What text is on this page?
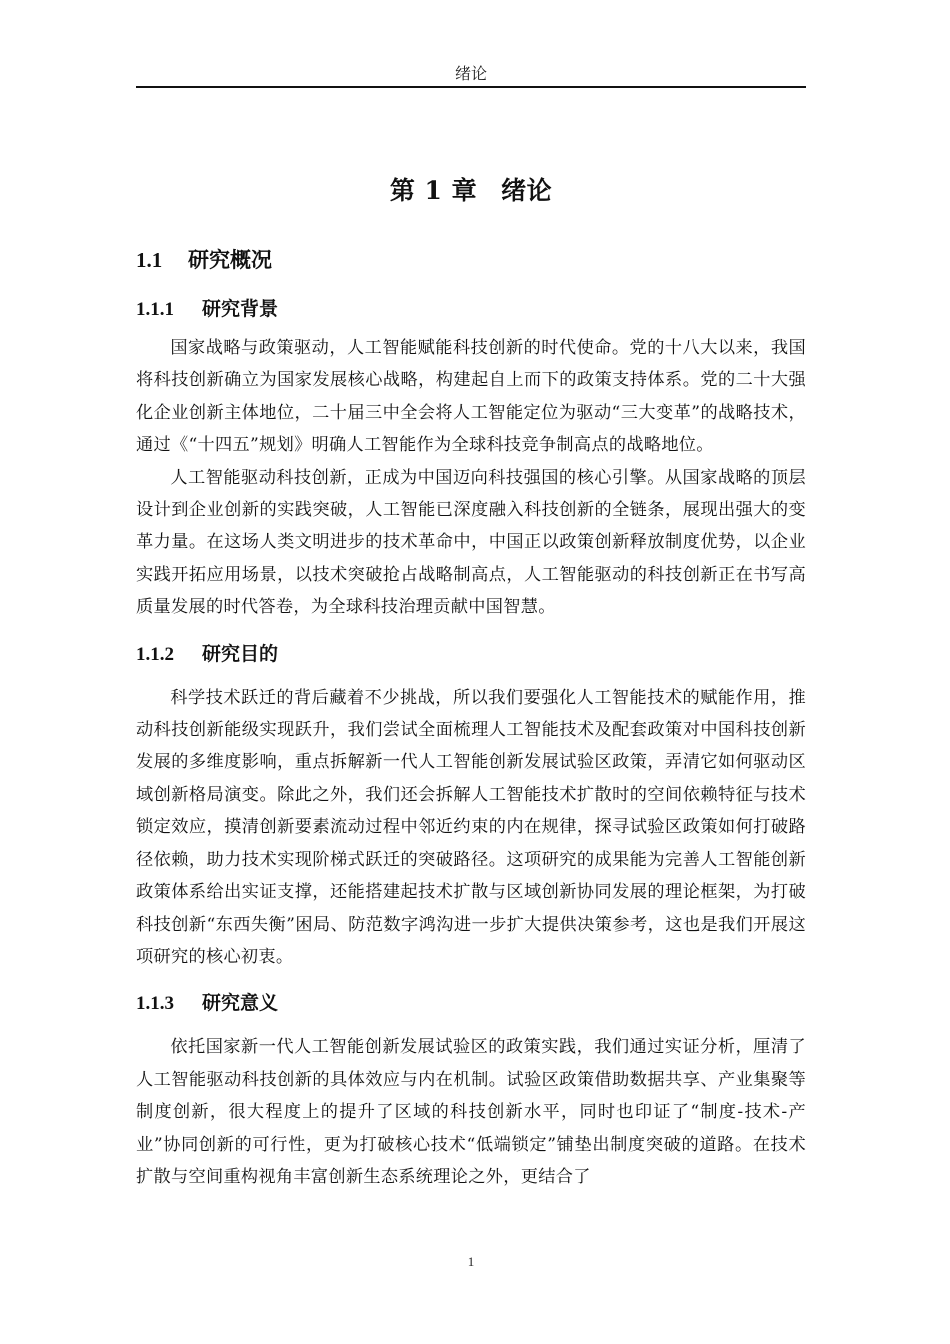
绪论
第 1 章 绪论
1.1 研究概况
1.1.1 研究背景

国家战略与政策驱动，人工智能赋能科技创新的时代使命。党的十八大以来，我国将科技创新确立为国家发展核心战略，构建起自上而下的政策支持体系。党的二十大强化企业创新主体地位，二十届三中全会将人工智能定位为驱动“三大变革”的战略技术，通过《“十四五”规划》明确人工智能作为全球科技竞争制高点的战略地位。

人工智能驱动科技创新，正成为中国迈向科技强国的核心引擎。从国家战略的顶层设计到企业创新的实践突破，人工智能已深度融入科技创新的全链条，展现出强大的变革力量。在这场人类文明进步的技术革命中，中国正以政策创新释放制度优势，以企业实践开拓应用场景，以技术突破抢占战略制高点，人工智能驱动的科技创新正在书写高质量发展的时代答卷，为全球科技治理贡献中国智慧。

1.1.2 研究目的

科学技术跃迁的背后藏着不少挑战，所以我们要强化人工智能技术的赋能作用，推动科技创新能级实现跃升，我们尝试全面梳理人工智能技术及配套政策对中国科技创新发展的多维度影响，重点拆解新一代人工智能创新发展试验区政策，弄清它如何驱动区域创新格局演变。除此之外，我们还会拆解人工智能技术扩散时的空间依赖特征与技术锁定效应，摸清创新要素流动过程中邻近约束的内在规律，探寻试验区政策如何打破路径依赖，助力技术实现阶梯式跃迁的突破路径。这项研究的成果能为完善人工智能创新政策体系给出实证支撑，还能搭建起技术扩散与区域创新协同发展的理论框架，为打破科技创新“东西失衡”困局、防范数字鸿沟进一步扩大提供决策参考，这也是我们开展这项研究的核心初衷。

1.1.3 研究意义

依托国家新一代人工智能创新发展试验区的政策实践，我们通过实证分析，厘清了人工智能驱动科技创新的具体效应与内在机制。试验区政策借助数据共享、产业集聚等制度创新，很大程度上的提升了区域的科技创新水平，同时也印证了“制度-技术-产业”协同创新的可行性，更为打破核心技术“低端锁定”铺垫出制度突破的道路。在技术扩散与空间重构视角丰富创新生态系统理论之外，更结合了

1
